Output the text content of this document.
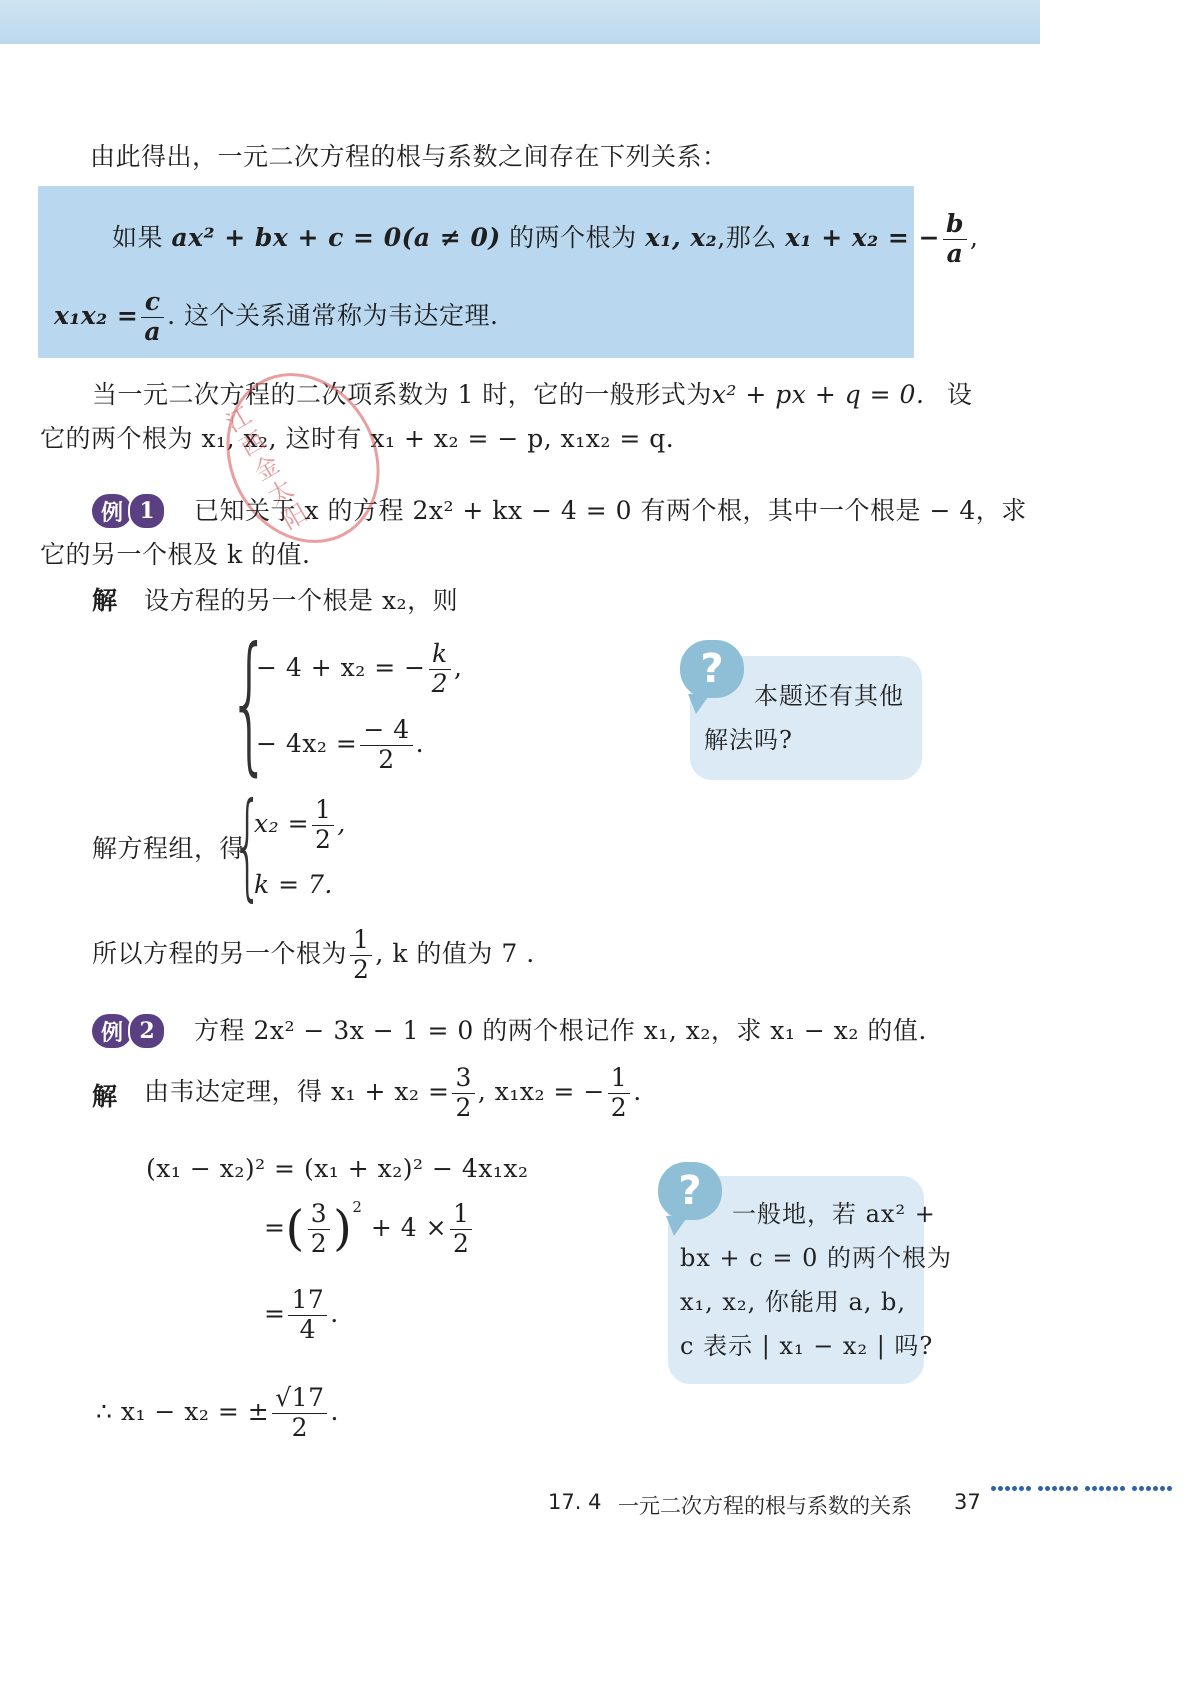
由此得出，一元二次方程的根与系数之间存在下列关系：
如果 ax² + bx + c = 0(a ≠ 0) 的两个根为 x₁, x₂,那么 x₁ + x₂ = − $\frac{b}{a}$ ,
$x_1x_2 = \frac{c}{a}$ . 这个关系通常称为韦达定理.
当一元二次方程的二次项系数为 1 时，它的一般形式为x² + px + q = 0. 设
它的两个根为 x₁, x₂, 这时有 x₁ + x₂ = − p, x₁x₂ = q.
江西金太阳
例 1	已知关于 x 的方程 2x² + kx − 4 = 0 有两个根，其中一个根是 − 4，求
它的另一个根及 k 的值.
解 设方程的另一个根是 x₂，则
{
− 4 + x₂ = − $\frac{k}{2}$ ,
− $4x_2 = \frac{- 4}{2}$ .
?
本题还有其他
解法吗?
解方程组，得
{
$x_2 = \frac{1}{2}$ ,
k = 7.
所以方程的另一个根为 $\frac{1}{2}$ , k 的值为 7 .
例 2	方程 2x² − 3x − 1 = 0 的两个根记作 x₁, x₂，求 x₁ − x₂ 的值.
解 由韦达定理，得 $x_1 + x_2 = \frac{3}{2}$ , x₁x₂ = − $\frac{1}{2}$ .
(x₁ − x₂)² = (x₁ + x₂)² − 4x₁x₂
=( $\frac{3}{2} )^2 + 4 \times \frac{1}{2}$
= $\frac{17}{4}$ .
∴ x₁ − x₂ = ± $\frac{√17}{2}$ .
?	一般地，若 ax² +
bx + c = 0 的两个根为
x₁, x₂, 你能用 a, b,
c 表示 | x₁ − x₂ | 吗?
17. 4 一元二次方程的根与系数的关系 37
